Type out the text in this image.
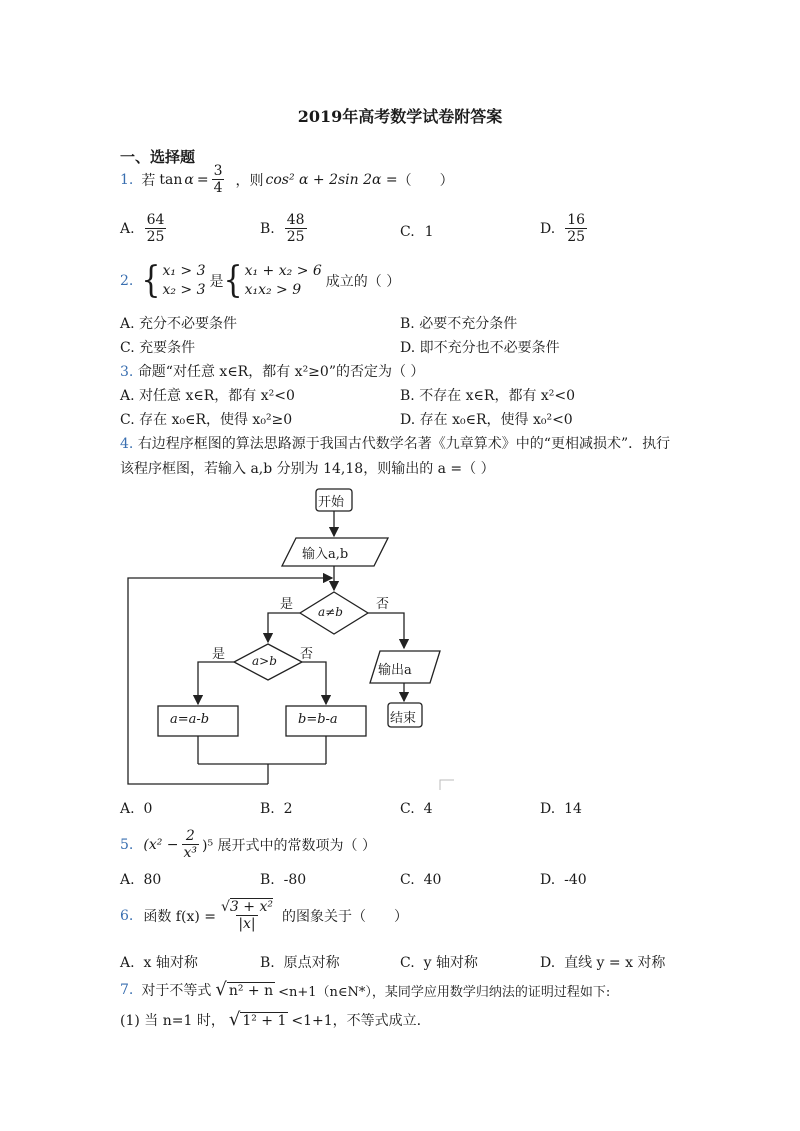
2019年高考数学试卷附答案
一、选择题
1. 若 $\tan \alpha = \frac{3}{4}$ ，则 cos² α + 2sin 2α = （　　）
A. $\frac{64}{25}$	B. $\frac{48}{25}$	C. 1	D. $\frac{16}{25}$
2. { x₁ > 3
x₂ > 3 是 { x₁ + x₂ > 6
x₁x₂ > 9	成立的（ ）
A. 充分不必要条件	B. 必要不充分条件
C. 充要条件	D. 即不充分也不必要条件
3. 命题“对任意 x∈R，都有 x²≥0”的否定为（ ）
A. 对任意 x∈R，都有 x²<0	B. 不存在 x∈R，都有 x²<0
C. 存在 x₀∈R，使得 x₀²≥0	D. 存在 x₀∈R，使得 x₀²<0
4. 右边程序框图的算法思路源于我国古代数学名著《九章算术》中的“更相减损术”．执行
该程序框图，若输入 a,b 分别为 14,18，则输出的 a =（ ）
开始
输入a,b
a≠b
是	否
a>b
是	否
a=a-b	b=b-a
输出a
结束
A. 0	B. 2	C. 4	D. 14
5. $(x^2 - \frac{2}{\text{x³}} )^5$ 展开式中的常数项为（ ）
A. 80	B. -80	C. 40	D. -40
6. 函数 $f(x) = \frac{\text{√3 + x²}}{|x|}$ 的图象关于（　　）
A. x 轴对称	B. 原点对称	C. y 轴对称	D. 直线 y = x 对称
7. 对于不等式 √ n² + n <n+1（n∈N*），某同学应用数学归纳法的证明过程如下:
(1) 当 n=1 时， √ 1² + 1 <1+1，不等式成立.
